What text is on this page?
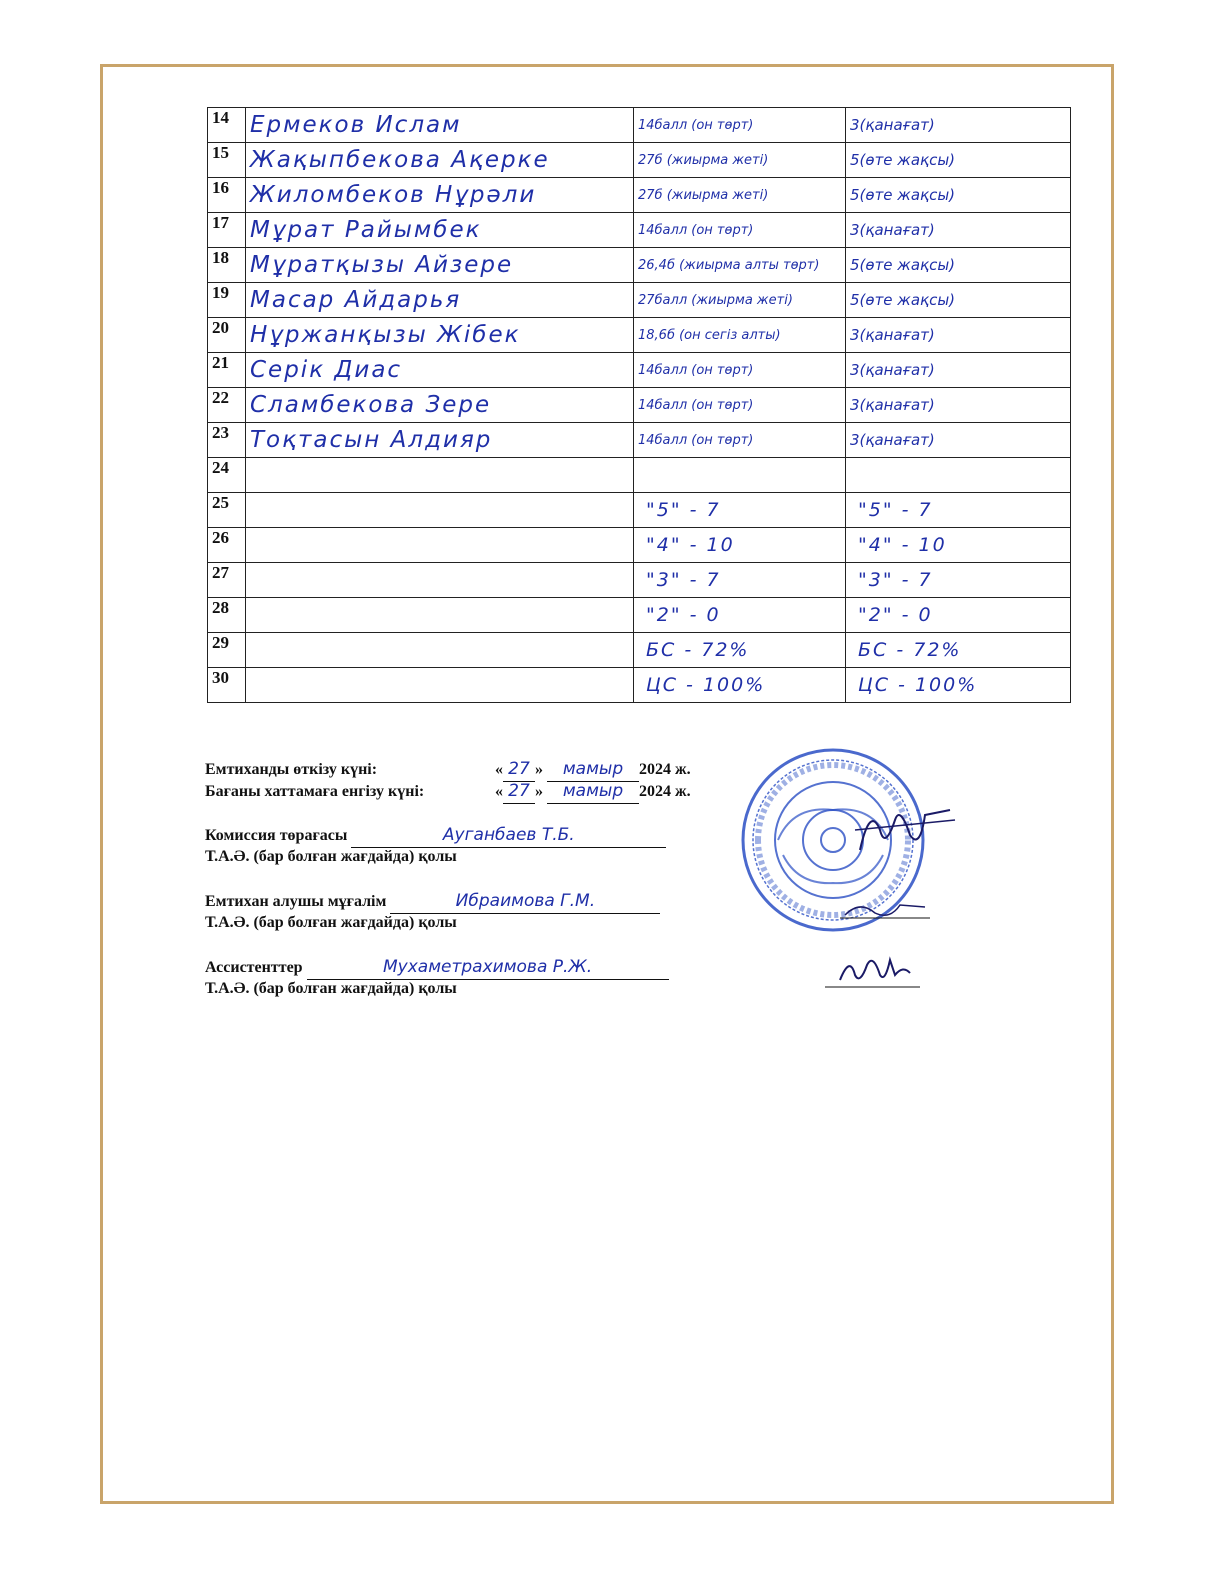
14	Ермеков Ислам	14балл (он төрт)	3(қанағат)
15	Жақыпбекова Ақерке	27б (жиырма жеті)	5(өте жақсы)
16	Жиломбеков Нұрәли	27б (жиырма жеті)	5(өте жақсы)
17	Мұрат Райымбек	14балл (он төрт)	3(қанағат)
18	Мұратқызы Айзере	26,4б (жиырма алты төрт)	5(өте жақсы)
19	Масар Айдарья	27балл (жиырма жеті)	5(өте жақсы)
20	Нұржанқызы Жібек	18,6б (он сегіз алты)	3(қанағат)
21	Серік Диас	14балл (он төрт)	3(қанағат)
22	Сламбекова Зере	14балл (он төрт)	3(қанағат)
23	Тоқтасын Алдияр	14балл (он төрт)	3(қанағат)
24			
25		"5" - 7	"5" - 7
26		"4" - 10	"4" - 10
27		"3" - 7	"3" - 7
28		"2" - 0	"2" - 0
29		БС - 72%	БС - 72%
30		ЦС - 100%	ЦС - 100%
Емтиханды өткізу күні:	« 27 » мамыр 2024 ж.
Бағаны хаттамаға енгізу күні:	« 27 » мамыр 2024 ж.
Комиссия төрағасы	Ауганбаев Т.Б.
Т.А.Ә. (бар болған жағдайда) қолы
Емтихан алушы мұғалім	Ибраимова Г.М.
Т.А.Ә. (бар болған жағдайда) қолы
Ассистенттер	Мухаметрахимова Р.Ж.
Т.А.Ә. (бар болған жағдайда) қолы
